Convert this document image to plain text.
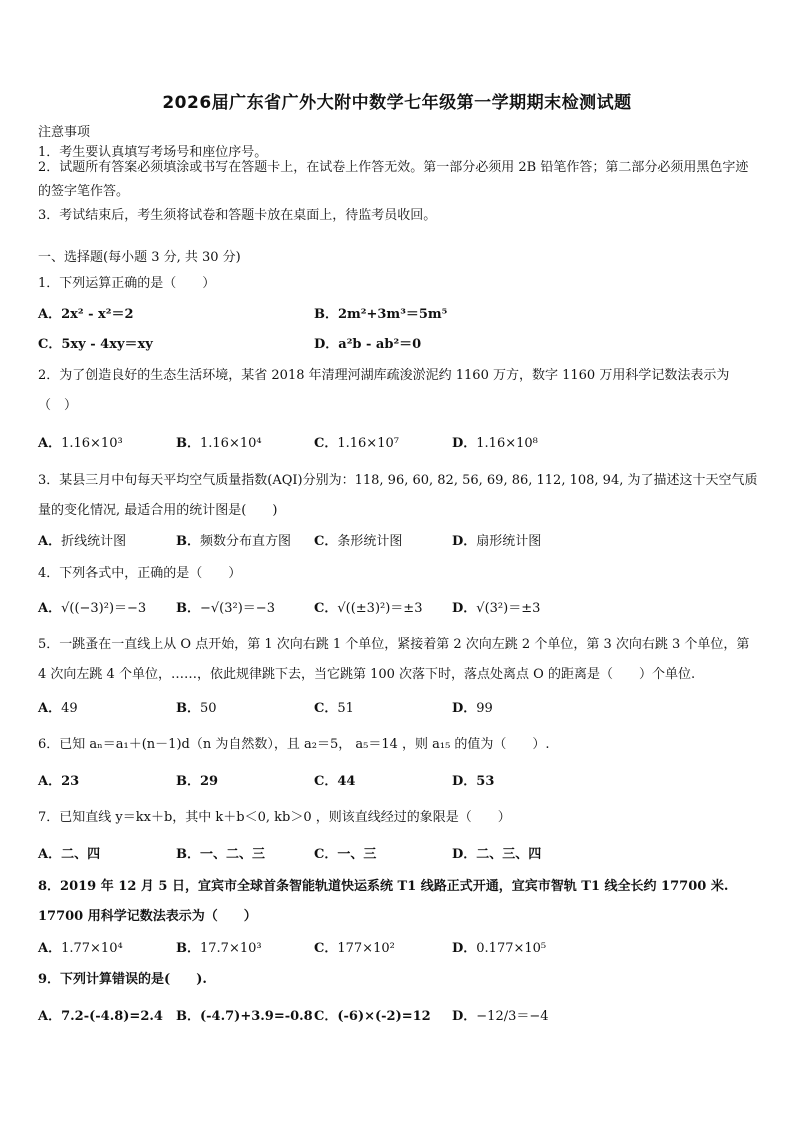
2026届广东省广外大附中数学七年级第一学期期末检测试题
注意事项
1．考生要认真填写考场号和座位序号。
2．试题所有答案必须填涂或书写在答题卡上，在试卷上作答无效。第一部分必须用 2B 铅笔作答；第二部分必须用黑色字迹的签字笔作答。
3．考试结束后，考生须将试卷和答题卡放在桌面上，待监考员收回。
一、选择题(每小题 3 分, 共 30 分)
1．下列运算正确的是（　　）
A．2x² - x²＝2	B．2m²+3m³＝5m⁵
C．5xy - 4xy＝xy	D．a²b - ab²＝0
2．为了创造良好的生态生活环境，某省 2018 年清理河湖库疏浚淤泥约 1160 万方，数字 1160 万用科学记数法表示为（　）
A．1.16×10³	B．1.16×10⁴	C．1.16×10⁷	D．1.16×10⁸
3．某县三月中旬每天平均空气质量指数(AQI)分别为：118, 96, 60, 82, 56, 69, 86, 112, 108, 94, 为了描述这十天空气质量的变化情况, 最适合用的统计图是(　　)
A．折线统计图	B．频数分布直方图 C．条形统计图	D．扇形统计图
4．下列各式中，正确的是（　　）
A．√((−3)²)＝−3 B．−√(3²)＝−3	C．√((±3)²)＝±3 D．√(3²)＝±3
5．一跳蚤在一直线上从 O 点开始，第 1 次向右跳 1 个单位，紧接着第 2 次向左跳 2 个单位，第 3 次向右跳 3 个单位，第 4 次向左跳 4 个单位，……，依此规律跳下去，当它跳第 100 次落下时，落点处离点 O 的距离是（　　）个单位.
A．49	B．50	C．51	D．99
6．已知 aₙ＝a₁＋(n－1)d（n 为自然数），且 a₂＝5， a₅＝14 ，则 a₁₅ 的值为（　　）.
A．23	B．29	C．44	D．53
7．已知直线 y＝kx＋b，其中 k＋b＜0, kb＞0 ，则该直线经过的象限是（　　）
A．二、四	B．一、二、三	C．一、三	D．二、三、四
8．2019 年 12 月 5 日，宜宾市全球首条智能轨道快运系统 T1 线路正式开通，宜宾市智轨 T1 线全长约 17700 米. 17700 用科学记数法表示为（　　）
A．1.77×10⁴	B．17.7×10³	C．177×10²	D．0.177×10⁵
9．下列计算错误的是(　　).
A．7.2-(-4.8)=2.4 B．(-4.7)+3.9=-0.8 C．(-6)×(-2)=12 D．−12/3＝−4
